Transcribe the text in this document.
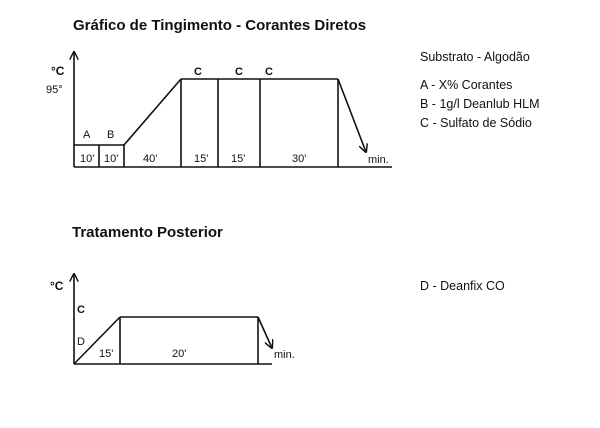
Gráfico de Tingimento - Corantes Diretos
Tratamento Posterior
Substrato - Algodão
A - X% Corantes
B - 1g/l Deanlub HLM
C - Sulfato de Sódio
D - Deanfix CO
°C
95°
A B
C	C C
10' 10' 40'	15' 15'	30'	min.
°C
C
D
15'	20'	min.
